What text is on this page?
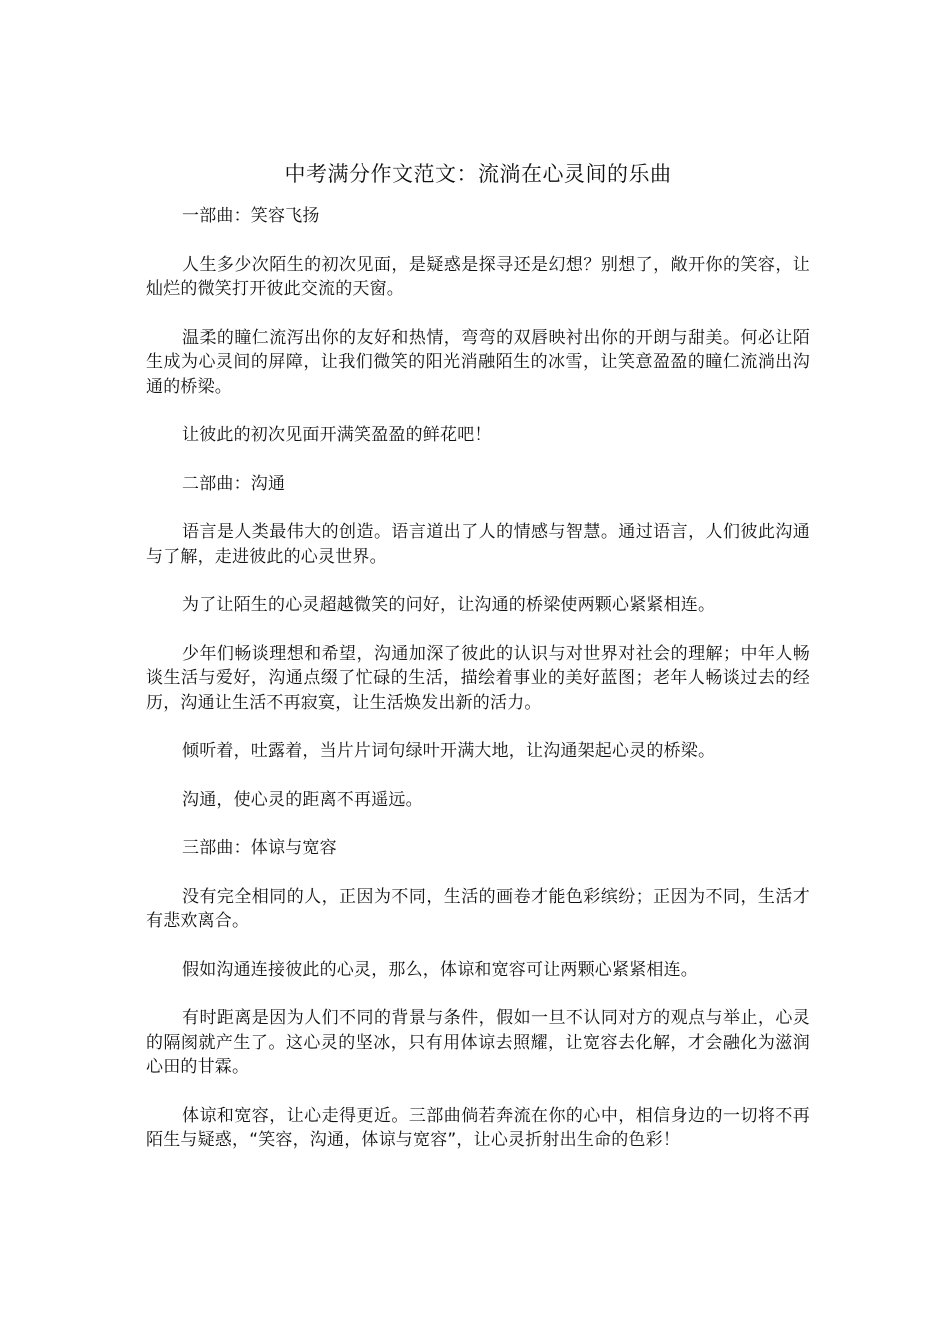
中考满分作文范文：流淌在心灵间的乐曲

一部曲：笑容飞扬

人生多少次陌生的初次见面，是疑惑是探寻还是幻想？别想了，敞开你的笑容，让灿烂的微笑打开彼此交流的天窗。

温柔的瞳仁流泻出你的友好和热情，弯弯的双唇映衬出你的开朗与甜美。何必让陌生成为心灵间的屏障，让我们微笑的阳光消融陌生的冰雪，让笑意盈盈的瞳仁流淌出沟通的桥梁。

让彼此的初次见面开满笑盈盈的鲜花吧！

二部曲：沟通

语言是人类最伟大的创造。语言道出了人的情感与智慧。通过语言，人们彼此沟通与了解，走进彼此的心灵世界。

为了让陌生的心灵超越微笑的问好，让沟通的桥梁使两颗心紧紧相连。

少年们畅谈理想和希望，沟通加深了彼此的认识与对世界对社会的理解；中年人畅谈生活与爱好，沟通点缀了忙碌的生活，描绘着事业的美好蓝图；老年人畅谈过去的经历，沟通让生活不再寂寞，让生活焕发出新的活力。

倾听着，吐露着，当片片词句绿叶开满大地，让沟通架起心灵的桥梁。

沟通，使心灵的距离不再遥远。

三部曲：体谅与宽容

没有完全相同的人，正因为不同，生活的画卷才能色彩缤纷；正因为不同，生活才有悲欢离合。

假如沟通连接彼此的心灵，那么，体谅和宽容可让两颗心紧紧相连。

有时距离是因为人们不同的背景与条件，假如一旦不认同对方的观点与举止，心灵的隔阂就产生了。这心灵的坚冰，只有用体谅去照耀，让宽容去化解，才会融化为滋润心田的甘霖。

体谅和宽容，让心走得更近。三部曲倘若奔流在你的心中，相信身边的一切将不再陌生与疑惑，“笑容，沟通，体谅与宽容”，让心灵折射出生命的色彩！
